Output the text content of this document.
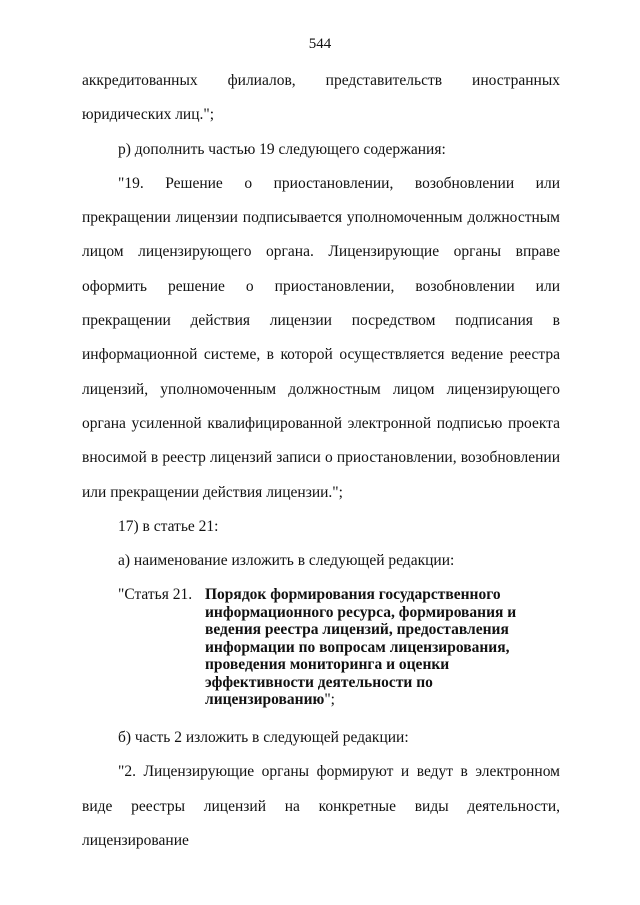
544

аккредитованных филиалов, представительств иностранных юридических лиц.";

р) дополнить частью 19 следующего содержания:

"19. Решение о приостановлении, возобновлении или прекращении лицензии подписывается уполномоченным должностным лицом лицензирующего органа. Лицензирующие органы вправе оформить решение о приостановлении, возобновлении или прекращении действия лицензии посредством подписания в информационной системе, в которой осуществляется ведение реестра лицензий, уполномоченным должностным лицом лицензирующего органа усиленной квалифицированной электронной подписью проекта вносимой в реестр лицензий записи о приостановлении, возобновлении или прекращении действия лицензии.";

17) в статье 21:

а) наименование изложить в следующей редакции:

"Статья 21. Порядок формирования государственного информационного ресурса, формирования и ведения реестра лицензий, предоставления информации по вопросам лицензирования, проведения мониторинга и оценки эффективности деятельности по лицензированию";

б) часть 2 изложить в следующей редакции:

"2. Лицензирующие органы формируют и ведут в электронном виде реестры лицензий на конкретные виды деятельности, лицензирование
